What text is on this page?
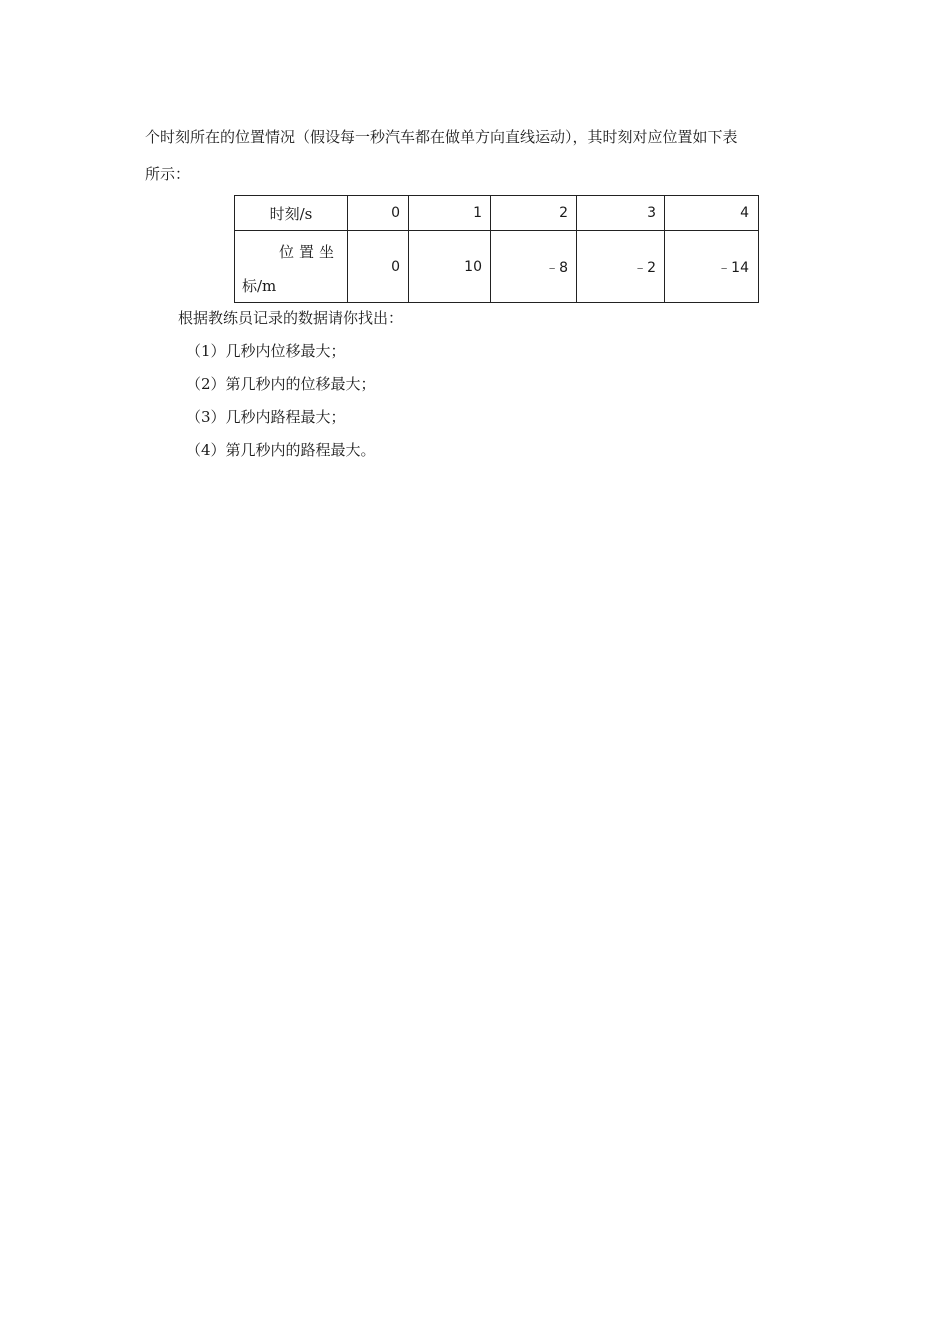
个时刻所在的位置情况（假设每一秒汽车都在做单方向直线运动），其时刻对应位置如下表
所示：
时刻/s	0	1	2	3	4

位置坐
标/m	0	10	﹣8	﹣2	﹣14
根据教练员记录的数据请你找出：
（1）几秒内位移最大；
（2）第几秒内的位移最大；
（3）几秒内路程最大；
（4）第几秒内的路程最大。
